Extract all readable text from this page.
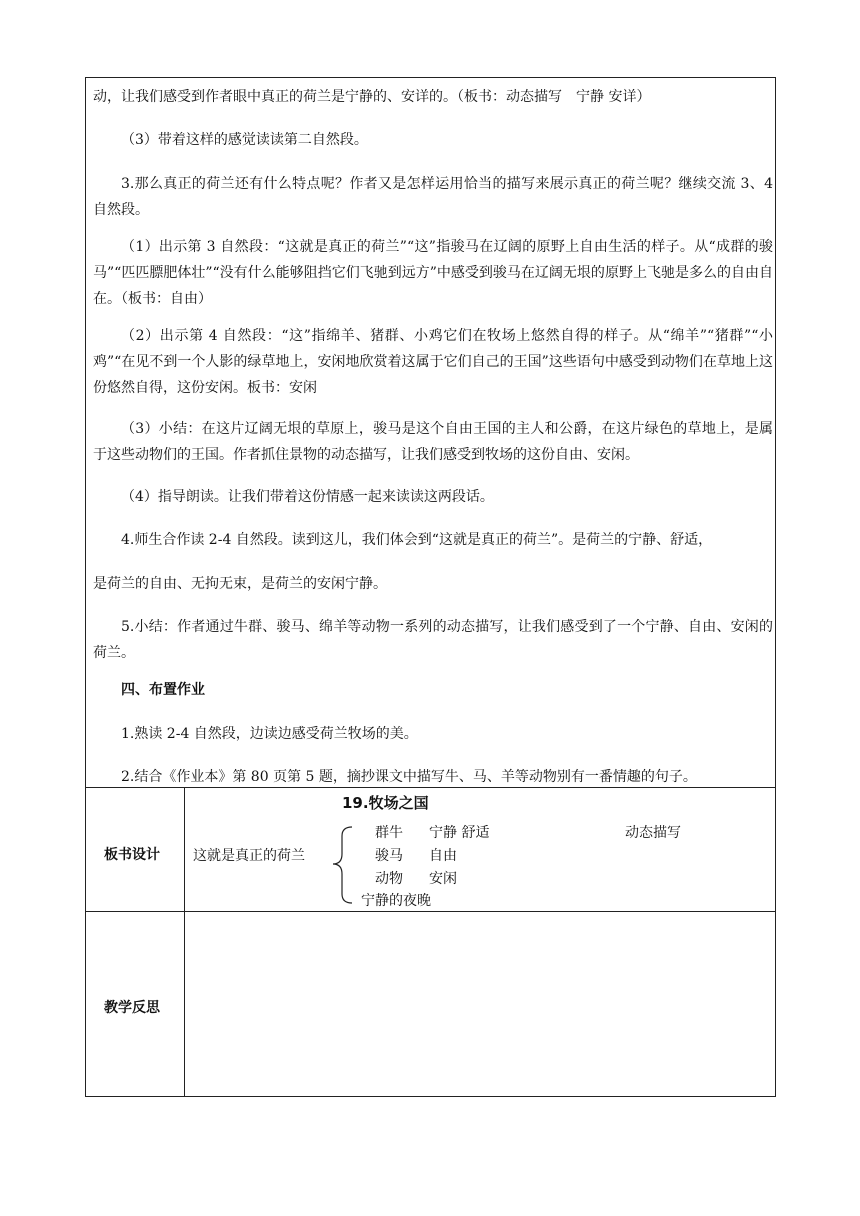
动，让我们感受到作者眼中真正的荷兰是宁静的、安详的。（板书：动态描写　宁静 安详）

（3）带着这样的感觉读读第二自然段。

3.那么真正的荷兰还有什么特点呢？作者又是怎样运用恰当的描写来展示真正的荷兰呢？继续交流 3、4 自然段。

（1）出示第 3 自然段：“这就是真正的荷兰”“这”指骏马在辽阔的原野上自由生活的样子。从“成群的骏马”“匹匹膘肥体壮”“没有什么能够阻挡它们飞驰到远方”中感受到骏马在辽阔无垠的原野上飞驰是多么的自由自在。（板书：自由）

（2）出示第 4 自然段：“这”指绵羊、猪群、小鸡它们在牧场上悠然自得的样子。从“绵羊”“猪群”“小鸡”“在见不到一个人影的绿草地上，安闲地欣赏着这属于它们自己的王国”这些语句中感受到动物们在草地上这份悠然自得，这份安闲。板书：安闲

（3）小结：在这片辽阔无垠的草原上，骏马是这个自由王国的主人和公爵，在这片绿色的草地上，是属于这些动物们的王国。作者抓住景物的动态描写，让我们感受到牧场的这份自由、安闲。

（4）指导朗读。让我们带着这份情感一起来读读这两段话。

4.师生合作读 2-4 自然段。读到这儿，我们体会到“这就是真正的荷兰”。是荷兰的宁静、舒适，

是荷兰的自由、无拘无束，是荷兰的安闲宁静。

5.小结：作者通过牛群、骏马、绵羊等动物一系列的动态描写，让我们感受到了一个宁静、自由、安闲的荷兰。

四、布置作业

1.熟读 2-4 自然段，边读边感受荷兰牧场的美。

2.结合《作业本》第 80 页第 5 题，摘抄课文中描写牛、马、羊等动物别有一番情趣的句子。

板书设计
19.牧场之国
这就是真正的荷兰
群牛 宁静 舒适
骏马 自由
动物 安闲
宁静的夜晚
动态描写
教学反思
